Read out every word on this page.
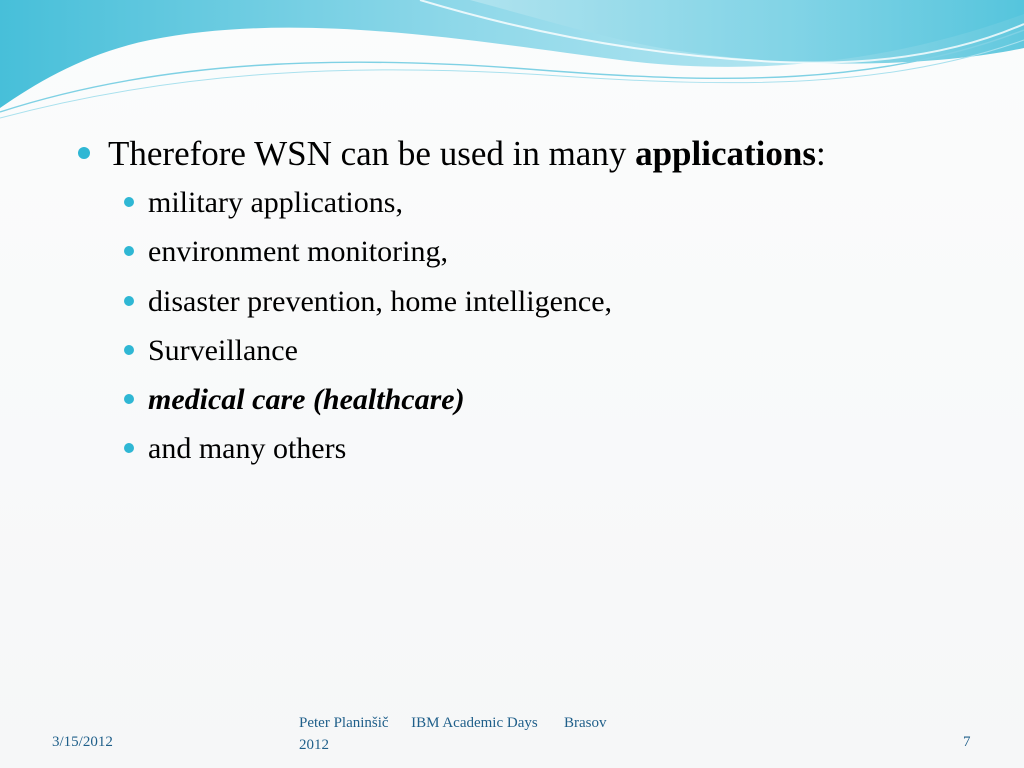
Therefore WSN can be used in many applications:
military applications,
environment monitoring,
disaster prevention, home intelligence,
Surveillance
medical care (healthcare)
and many others
3/15/2012
Peter Planinšič      IBM Academic Days       Brasov
2012	7
